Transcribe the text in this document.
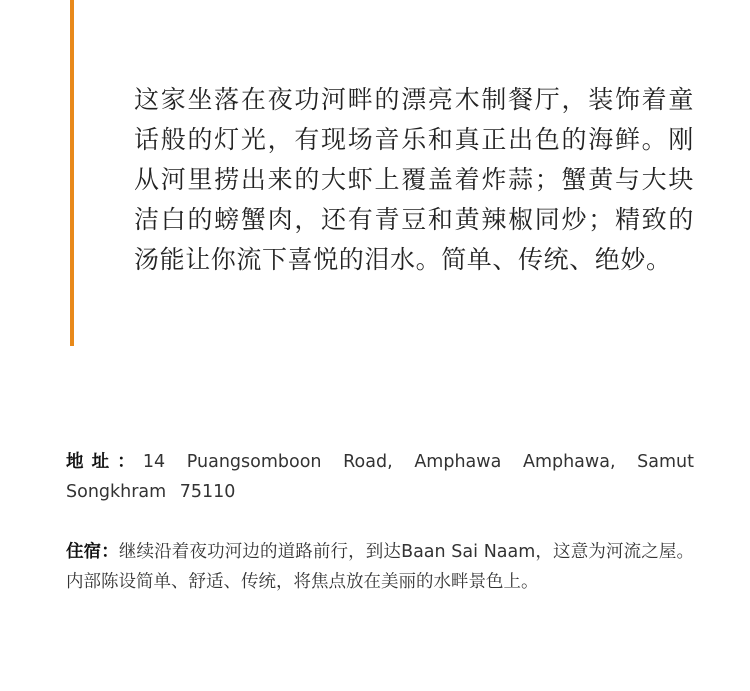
这家坐落在夜功河畔的漂亮木制餐厅，装饰着童话般的灯光，有现场音乐和真正出色的海鲜。刚从河里捞出来的大虾上覆盖着炸蒜；蟹黄与大块洁白的螃蟹肉，还有青豆和黄辣椒同炒；精致的汤能让你流下喜悦的泪水。简单、传统、绝妙。

地址：14 Puangsomboon Road, Amphawa Amphawa, Samut Songkhram 75110

住宿：继续沿着夜功河边的道路前行，到达Baan Sai Naam，这意为河流之屋。内部陈设简单、舒适、传统，将焦点放在美丽的水畔景色上。
